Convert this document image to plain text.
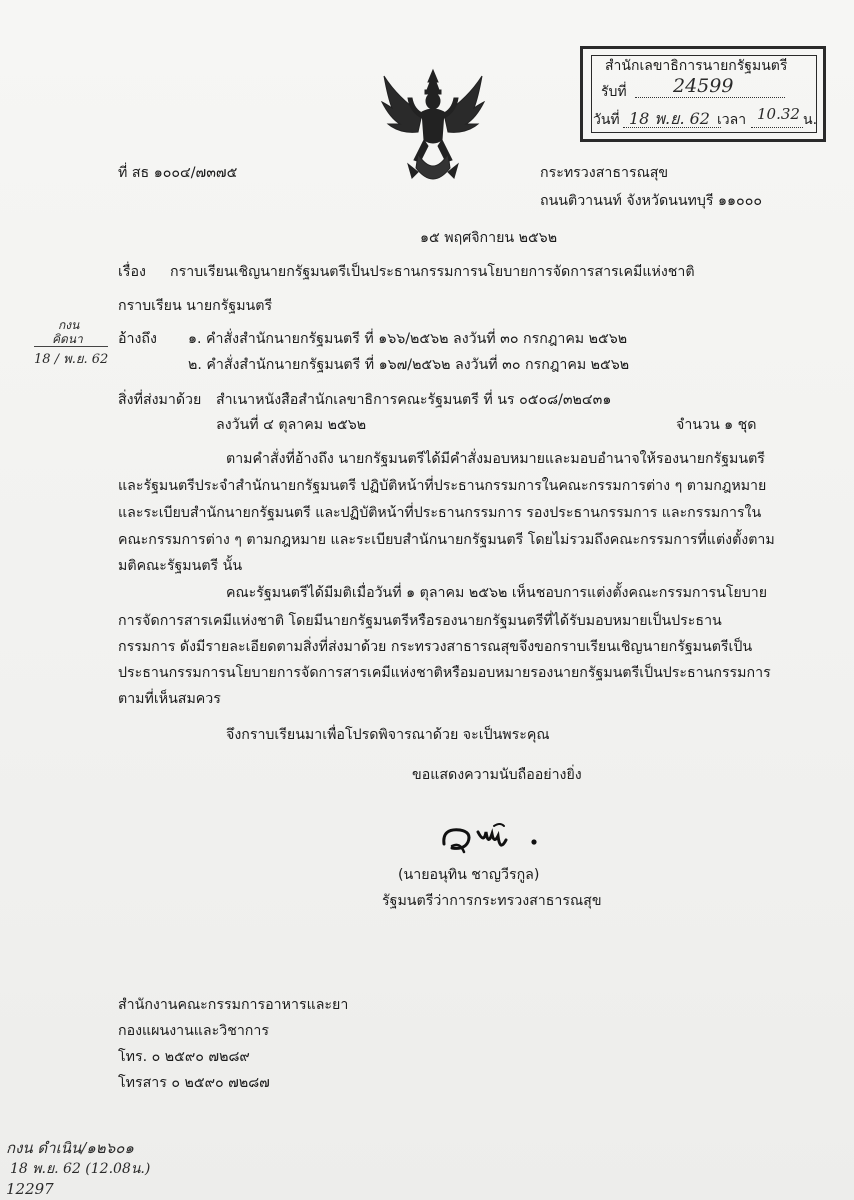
สำนักเลขาธิการนายกรัฐมนตรี
รับที่ 24599
วันที่ 18 พ.ย. 62 เวลา 10.32 น.
ที่ สธ ๑๐๐๔/๗๓๗๕	กระทรวงสาธารณสุข
ถนนติวานนท์ จังหวัดนนทบุรี ๑๑๐๐๐
๑๕ พฤศจิกายน ๒๕๖๒
เรื่อง กราบเรียนเชิญนายกรัฐมนตรีเป็นประธานกรรมการนโยบายการจัดการสารเคมีแห่งชาติ
กราบเรียน นายกรัฐมนตรี
กงน
คิดนา
18 / พ.ย. 62
อ้างถึง ๑. คำสั่งสำนักนายกรัฐมนตรี ที่ ๑๖๖/๒๕๖๒ ลงวันที่ ๓๐ กรกฎาคม ๒๕๖๒
๒. คำสั่งสำนักนายกรัฐมนตรี ที่ ๑๖๗/๒๕๖๒ ลงวันที่ ๓๐ กรกฎาคม ๒๕๖๒
สิ่งที่ส่งมาด้วย สำเนาหนังสือสำนักเลขาธิการคณะรัฐมนตรี ที่ นร ๐๕๐๘/๓๒๔๓๑
ลงวันที่ ๔ ตุลาคม ๒๕๖๒	จำนวน ๑ ชุด
ตามคำสั่งที่อ้างถึง นายกรัฐมนตรีได้มีคำสั่งมอบหมายและมอบอำนาจให้รองนายกรัฐมนตรี
และรัฐมนตรีประจำสำนักนายกรัฐมนตรี ปฏิบัติหน้าที่ประธานกรรมการในคณะกรรมการต่าง ๆ ตามกฎหมาย
และระเบียบสำนักนายกรัฐมนตรี และปฏิบัติหน้าที่ประธานกรรมการ รองประธานกรรมการ และกรรมการใน
คณะกรรมการต่าง ๆ ตามกฎหมาย และระเบียบสำนักนายกรัฐมนตรี โดยไม่รวมถึงคณะกรรมการที่แต่งตั้งตาม
มติคณะรัฐมนตรี นั้น
คณะรัฐมนตรีได้มีมติเมื่อวันที่ ๑ ตุลาคม ๒๕๖๒ เห็นชอบการแต่งตั้งคณะกรรมการนโยบาย
การจัดการสารเคมีแห่งชาติ โดยมีนายกรัฐมนตรีหรือรองนายกรัฐมนตรีที่ได้รับมอบหมายเป็นประธาน
กรรมการ ดังมีรายละเอียดตามสิ่งที่ส่งมาด้วย กระทรวงสาธารณสุขจึงขอกราบเรียนเชิญนายกรัฐมนตรีเป็น
ประธานกรรมการนโยบายการจัดการสารเคมีแห่งชาติหรือมอบหมายรองนายกรัฐมนตรีเป็นประธานกรรมการ
ตามที่เห็นสมควร
จึงกราบเรียนมาเพื่อโปรดพิจารณาด้วย จะเป็นพระคุณ
ขอแสดงความนับถืออย่างยิ่ง
(นายอนุทิน ชาญวีรกูล)
รัฐมนตรีว่าการกระทรวงสาธารณสุข
สำนักงานคณะกรรมการอาหารและยา
กองแผนงานและวิชาการ
โทร. ๐ ๒๕๙๐ ๗๒๘๙
โทรสาร ๐ ๒๕๙๐ ๗๒๘๗
กงน ดำเนิน/๑๒๖๐๑
18 พ.ย. 62 (12.08น.)
12297
